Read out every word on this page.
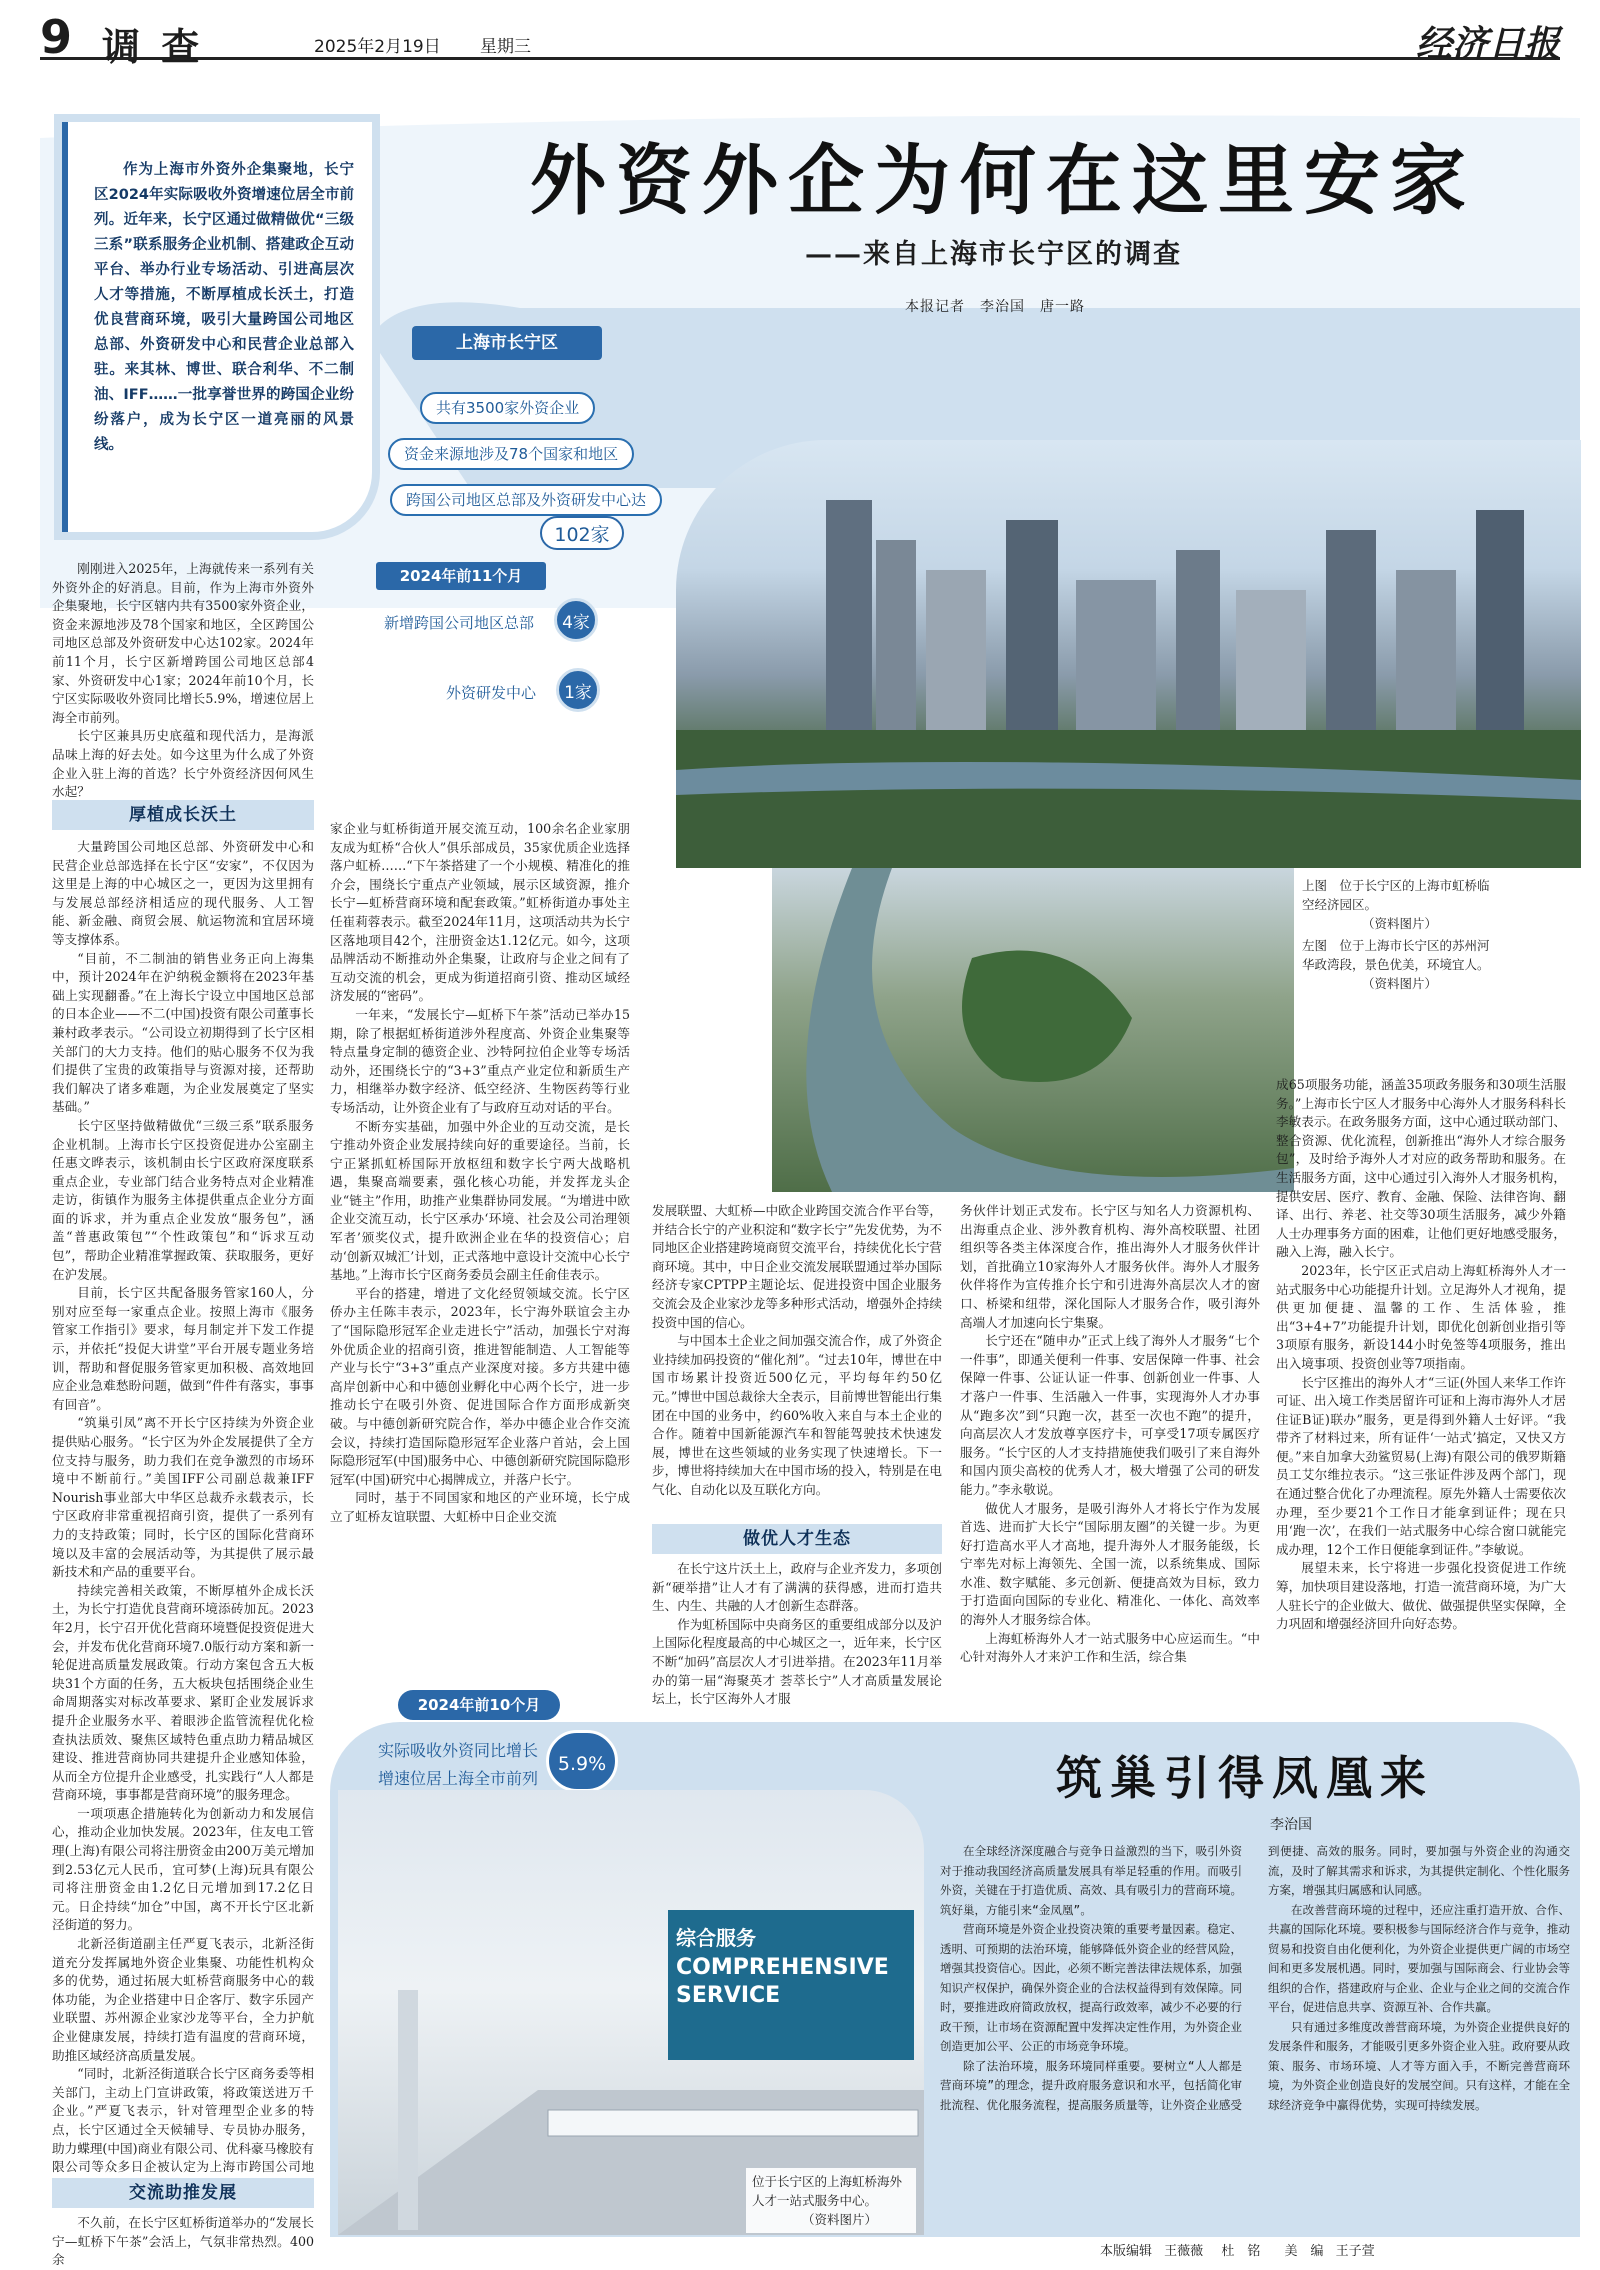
9 调 查	2025年2月19日 星期三	经济日报

作为上海市外资外企集聚地，长宁区2024年实际吸收外资增速位居全市前列。近年来，长宁区通过做精做优“三级三系”联系服务企业机制、搭建政企互动平台、举办行业专场活动、引进高层次人才等措施，不断厚植成长沃土，打造优良营商环境，吸引大量跨国公司地区总部、外资研发中心和民营企业总部入驻。来其林、博世、联合利华、不二制油、IFF……一批享誉世界的跨国企业纷纷落户，成为长宁区一道亮丽的风景线。

外资外企为何在这里安家
——来自上海市长宁区的调查
本报记者　李治国　唐一路
上海市长宁区
共有3500家外资企业
资金来源地涉及78个国家和地区
跨国公司地区总部及外资研发中心达
102家
2024年前11个月
新增跨国公司地区总部	4家
外资研发中心	1家
上图　位于长宁区的上海市虹桥临空经济园区。
（资料图片）
左图　位于上海市长宁区的苏州河华政湾段，景色优美，环境宜人。
（资料图片）

刚刚进入2025年，上海就传来一系列有关外资外企的好消息。目前，作为上海市外资外企集聚地，长宁区辖内共有3500家外资企业，资金来源地涉及78个国家和地区，全区跨国公司地区总部及外资研发中心达102家。2024年前11个月，长宁区新增跨国公司地区总部4家、外资研发中心1家；2024年前10个月，长宁区实际吸收外资同比增长5.9%，增速位居上海全市前列。

长宁区兼具历史底蕴和现代活力，是海派品味上海的好去处。如今这里为什么成了外资企业入驻上海的首选？长宁外资经济因何风生水起？

厚植成长沃土

大量跨国公司地区总部、外资研发中心和民营企业总部选择在长宁区“安家”，不仅因为这里是上海的中心城区之一，更因为这里拥有与发展总部经济相适应的现代服务、人工智能、新金融、商贸会展、航运物流和宜居环境等支撑体系。

“目前，不二制油的销售业务正向上海集中，预计2024年在沪纳税金额将在2023年基础上实现翻番。”在上海长宁设立中国地区总部的日本企业——不二(中国)投资有限公司董事长兼村政孝表示。“公司设立初期得到了长宁区相关部门的大力支持。他们的贴心服务不仅为我们提供了宝贵的政策指导与资源对接，还帮助我们解决了诸多难题，为企业发展奠定了坚实基础。”

长宁区坚持做精做优“三级三系”联系服务企业机制。上海市长宁区投资促进办公室副主任惠文晔表示，该机制由长宁区政府深度联系重点企业，专业部门结合业务特点对企业精准走访，街镇作为服务主体提供重点企业分方面面的诉求，并为重点企业发放“服务包”，涵盖“普惠政策包”“个性政策包”和“诉求互动包”，帮助企业精准掌握政策、获取服务，更好在沪发展。

目前，长宁区共配备服务管家160人，分别对应至每一家重点企业。按照上海市《服务管家工作指引》要求，每月制定并下发工作提示，并依托“投促大讲堂”平台开展专题业务培训，帮助和督促服务管家更加积极、高效地回应企业急难愁盼问题，做到“件件有落实，事事有回音”。

“筑巢引凤”离不开长宁区持续为外资企业提供贴心服务。“长宁区为外企发展提供了全方位支持与服务，助力我们在竞争激烈的市场环境中不断前行。”美国IFF公司副总裁兼IFF Nourish事业部大中华区总裁乔永载表示，长宁区政府非常重视招商引资，提供了一系列有力的支持政策；同时，长宁区的国际化营商环境以及丰富的会展活动等，为其提供了展示最新技术和产品的重要平台。

持续完善相关政策，不断厚植外企成长沃土，为长宁打造优良营商环境添砖加瓦。2023年2月，长宁召开优化营商环境暨促投资促进大会，并发布优化营商环境7.0版行动方案和新一轮促进高质量发展政策。行动方案包含五大板块31个方面的任务，五大板块包括围绕企业生命周期落实对标改革要求、紧盯企业发展诉求提升企业服务水平、着眼涉企监管流程优化检查执法质效、聚焦区域特色重点助力精品城区建设、推进营商协同共建提升企业感知体验，从而全方位提升企业感受，扎实践行“人人都是营商环境，事事都是营商环境”的服务理念。

一项项惠企措施转化为创新动力和发展信心，推动企业加快发展。2023年，住友电工管理(上海)有限公司将注册资金由200万美元增加到2.53亿元人民币，宜可梦(上海)玩具有限公司将注册资金由1.2亿日元增加到17.2亿日元。日企持续“加仓”中国，离不开长宁区北新泾街道的努力。

北新泾街道副主任严夏飞表示，北新泾街道充分发挥属地外资企业集聚、功能性机构众多的优势，通过拓展大虹桥营商服务中心的载体功能，为企业搭建中日企客厅、数字乐园产业联盟、苏州源企业家沙龙等平台，全力护航企业健康发展，持续打造有温度的营商环境，助推区域经济高质量发展。

“同时，北新泾街道联合长宁区商务委等相关部门，主动上门宣讲政策，将政策送进万千企业。”严夏飞表示，针对管理型企业多的特点，长宁区通过全天候辅导、专员协办服务，助力蝶理(中国)商业有限公司、优科豪马橡胶有限公司等众多日企被认定为上海市跨国公司地

交流助推发展

不久前，在长宁区虹桥街道举办的“发展长宁—虹桥下午茶”会活上，气氛非常热烈。400余

家企业与虹桥街道开展交流互动，100余名企业家朋友成为虹桥“合伙人”俱乐部成员，35家优质企业选择落户虹桥……“下午茶搭建了一个小规模、精准化的推介会，围绕长宁重点产业领域，展示区域资源，推介长宁—虹桥营商环境和配套政策。”虹桥街道办事处主任崔莉蓉表示。截至2024年11月，这项活动共为长宁区落地项目42个，注册资金达1.12亿元。如今，这项品牌活动不断推动外企集聚，让政府与企业之间有了互动交流的机会，更成为街道招商引资、推动区域经济发展的“密码”。

一年来，“发展长宁—虹桥下午茶”活动已举办15期，除了根据虹桥街道涉外程度高、外资企业集聚等特点量身定制的德资企业、沙特阿拉伯企业等专场活动外，还围绕长宁的“3+3”重点产业定位和新质生产力，相继举办数字经济、低空经济、生物医药等行业专场活动，让外资企业有了与政府互动对话的平台。

不断夯实基础，加强中外企业的互动交流，是长宁推动外资企业发展持续向好的重要途径。当前，长宁正紧抓虹桥国际开放枢纽和数字长宁两大战略机遇，集聚高端要素，强化核心功能，并发挥龙头企业“链主”作用，助推产业集群协同发展。“为增进中欧企业交流互动，长宁区承办‘环境、社会及公司治理领军者’颁奖仪式，提升欧洲企业在华的投资信心；启动‘创新双城汇’计划，正式落地中意设计交流中心长宁基地。”上海市长宁区商务委员会副主任俞佳表示。

平台的搭建，增进了文化经贸领域交流。长宁区侨办主任陈丰表示，2023年，长宁海外联谊会主办了“国际隐形冠军企业走进长宁”活动，加强长宁对海外优质企业的招商引资，推进智能制造、人工智能等产业与长宁“3+3”重点产业深度对接。多方共建中德高岸创新中心和中德创业孵化中心两个长宁，进一步推动长宁在吸引外资、促进国际合作方面形成新突破。与中德创新研究院合作，举办中德企业合作交流会议，持续打造国际隐形冠军企业落户首站，会上国际隐形冠军(中国)服务中心、中德创新研究院国际隐形冠军(中国)研究中心揭牌成立，并落户长宁。

同时，基于不同国家和地区的产业环境，长宁成立了虹桥友谊联盟、大虹桥中日企业交流

发展联盟、大虹桥—中欧企业跨国交流合作平台等，并结合长宁的产业积淀和“数字长宁”先发优势，为不同地区企业搭建跨境商贸交流平台，持续优化长宁营商环境。其中，中日企业交流发展联盟通过举办国际经济专家CPTPP主题论坛、促进投资中国企业服务交流会及企业家沙龙等多种形式活动，增强外企持续投资中国的信心。

与中国本土企业之间加强交流合作，成了外资企业持续加码投资的“催化剂”。“过去10年，博世在中国市场累计投资近500亿元，平均每年约50亿元。”博世中国总裁徐大全表示，目前博世智能出行集团在中国的业务中，约60%收入来自与本土企业的合作。随着中国新能源汽车和智能驾驶技术快速发展，博世在这些领域的业务实现了快速增长。下一步，博世将持续加大在中国市场的投入，特别是在电气化、自动化以及互联化方向。

做优人才生态

在长宁这片沃土上，政府与企业齐发力，多项创新“硬举措”让人才有了满满的获得感，进而打造共生、内生、共融的人才创新生态群落。

作为虹桥国际中央商务区的重要组成部分以及沪上国际化程度最高的中心城区之一，近年来，长宁区不断“加码”高层次人才引进举措。在2023年11月举办的第一届“海聚英才 荟萃长宁”人才高质量发展论坛上，长宁区海外人才服

务伙伴计划正式发布。长宁区与知名人力资源机构、出海重点企业、涉外教育机构、海外高校联盟、社团组织等各类主体深度合作，推出海外人才服务伙伴计划，首批确立10家海外人才服务伙伴。海外人才服务伙伴将作为宣传推介长宁和引进海外高层次人才的窗口、桥梁和纽带，深化国际人才服务合作，吸引海外高端人才加速向长宁集聚。

长宁还在“随申办”正式上线了海外人才服务“七个一件事”，即通关便利一件事、安居保障一件事、社会保障一件事、公证认证一件事、创新创业一件事、人才落户一件事、生活融入一件事，实现海外人才办事从“跑多次”到“只跑一次，甚至一次也不跑”的提升，向高层次人才发放尊享医疗卡，可享受17项专属医疗服务。“长宁区的人才支持措施使我们吸引了来自海外和国内顶尖高校的优秀人才，极大增强了公司的研发能力。”李永敬说。

做优人才服务，是吸引海外人才将长宁作为发展首选、进而扩大长宁“国际朋友圈”的关键一步。为更好打造高水平人才高地，提升海外人才服务能级，长宁率先对标上海领先、全国一流，以系统集成、国际水准、数字赋能、多元创新、便捷高效为目标，致力于打造面向国际的专业化、精准化、一体化、高效率的海外人才服务综合体。

上海虹桥海外人才一站式服务中心应运而生。“中心针对海外人才来沪工作和生活，综合集

成65项服务功能，涵盖35项政务服务和30项生活服务。”上海市长宁区人才服务中心海外人才服务科科长李敏表示。在政务服务方面，这中心通过联动部门、整合资源、优化流程，创新推出“海外人才综合服务包”，及时给予海外人才对应的政务帮助和服务。在生活服务方面，这中心通过引入海外人才服务机构，提供安居、医疗、教育、金融、保险、法律咨询、翻译、出行、养老、社交等30项生活服务，减少外籍人士办理事务方面的困难，让他们更好地感受服务，融入上海，融入长宁。

2023年，长宁区正式启动上海虹桥海外人才一站式服务中心功能提升计划。立足海外人才视角，提供更加便捷、温馨的工作、生活体验，推出“3+4+7”功能提升计划，即优化创新创业指引等3项原有服务，新设144小时免签等4项服务，推出出入境事项、投资创业等7项指南。

长宁区推出的海外人才“三证(外国人来华工作许可证、出入境工作类居留许可证和上海市海外人才居住证B证)联办”服务，更是得到外籍人士好评。“我带齐了材料过来，所有证件‘一站式’搞定，又快又方便。”来自加拿大劲鲨贸易(上海)有限公司的俄罗斯籍员工艾尔维拉表示。“这三张证件涉及两个部门，现在通过整合优化了办理流程。原先外籍人士需要依次办理，至少要21个工作日才能拿到证件；现在只用‘跑一次’，在我们一站式服务中心综合窗口就能完成办理，12个工作日便能拿到证件。”李敏说。

展望未来，长宁将进一步强化投资促进工作统筹，加快项目建设落地，打造一流营商环境，为广大人驻长宁的企业做大、做优、做强提供坚实保障，全力巩固和增强经济回升向好态势。

2024年前10个月
实际吸收外资同比增长
增速位居上海全市前列
5.9%
综合服务
COMPREHENSIVE SERVICE
位于长宁区的上海虹桥海外人才一站式服务中心。
（资料图片）
筑巢引得凤凰来
李治国

在全球经济深度融合与竞争日益激烈的当下，吸引外资对于推动我国经济高质量发展具有举足轻重的作用。而吸引外资，关键在于打造优质、高效、具有吸引力的营商环境。筑好巢，方能引来“金凤凰”。

营商环境是外资企业投资决策的重要考量因素。稳定、透明、可预期的法治环境，能够降低外资企业的经营风险，增强其投资信心。因此，必须不断完善法律法规体系，加强知识产权保护，确保外资企业的合法权益得到有效保障。同时，要推进政府简政放权，提高行政效率，减少不必要的行政干预，让市场在资源配置中发挥决定性作用，为外资企业创造更加公平、公正的市场竞争环境。

除了法治环境，服务环境同样重要。要树立“人人都是营商环境”的理念，提升政府服务意识和水平，包括简化审批流程、优化服务流程，提高服务质量等，让外资企业感受到便捷、高效的服务。同时，要加强与外资企业的沟通交流，及时了解其需求和诉求，为其提供定制化、个性化服务方案，增强其归属感和认同感。

在改善营商环境的过程中，还应注重打造开放、合作、共赢的国际化环境。要积极参与国际经济合作与竞争，推动贸易和投资自由化便利化，为外资企业提供更广阔的市场空间和更多发展机遇。同时，要加强与国际商会、行业协会等组织的合作，搭建政府与企业、企业与企业之间的交流合作平台，促进信息共享、资源互补、合作共赢。

只有通过多维度改善营商环境，为外资企业提供良好的发展条件和服务，才能吸引更多外资企业入驻。政府要从政策、服务、市场环境、人才等方面入手，不断完善营商环境，为外资企业创造良好的发展空间。只有这样，才能在全球经济竞争中赢得优势，实现可持续发展。

本版编辑 王薇薇 杜　铭 美　编 王子萱
